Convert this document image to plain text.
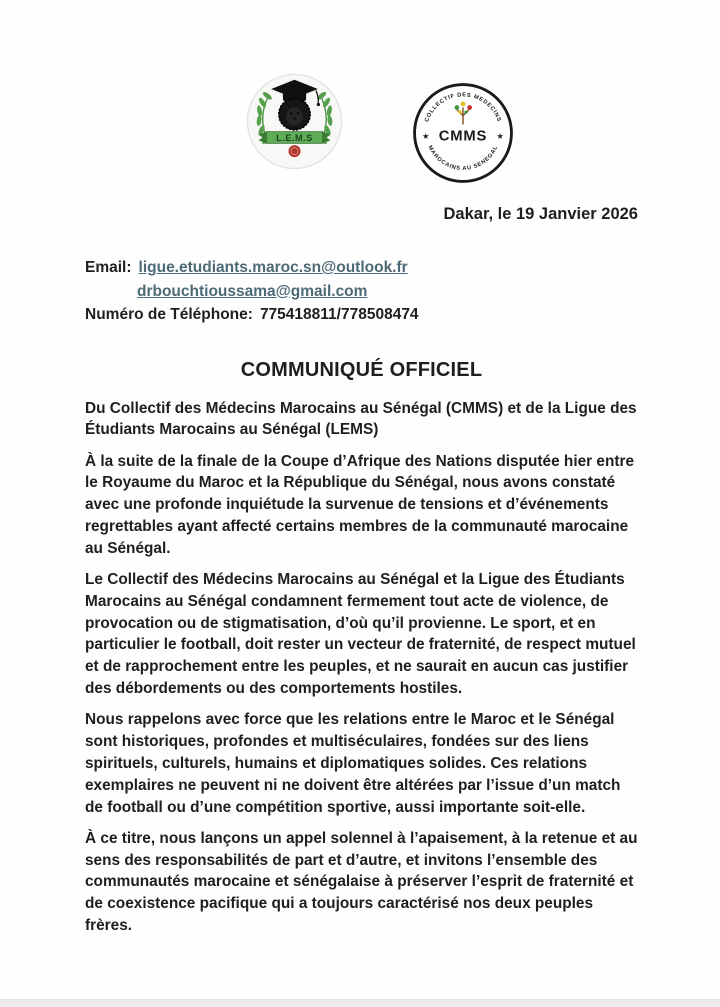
L.E.M.S
COLLECTIF DES MEDECINS
MAROCAINS AU SENEGAL
★	★
CMMS
Dakar, le 19 Janvier 2026
Email: ligue.etudiants.maroc.sn@outlook.fr
drbouchtioussama@gmail.com
Numéro de Téléphone: 775418811/778508474
COMMUNIQUÉ OFFICIEL

Du Collectif des Médecins Marocains au Sénégal (CMMS) et de la Ligue des Étudiants Marocains au Sénégal (LEMS)

À la suite de la finale de la Coupe d’Afrique des Nations disputée hier entre le Royaume du Maroc et la République du Sénégal, nous avons constaté avec une profonde inquiétude la survenue de tensions et d’événements regrettables ayant affecté certains membres de la communauté marocaine au Sénégal.

Le Collectif des Médecins Marocains au Sénégal et la Ligue des Étudiants Marocains au Sénégal condamnent fermement tout acte de violence, de provocation ou de stigmatisation, d’où qu’il provienne. Le sport, et en particulier le football, doit rester un vecteur de fraternité, de respect mutuel et de rapprochement entre les peuples, et ne saurait en aucun cas justifier des débordements ou des comportements hostiles.

Nous rappelons avec force que les relations entre le Maroc et le Sénégal sont historiques, profondes et multiséculaires, fondées sur des liens spirituels, culturels, humains et diplomatiques solides. Ces relations exemplaires ne peuvent ni ne doivent être altérées par l’issue d’un match de football ou d’une compétition sportive, aussi importante soit-elle.

À ce titre, nous lançons un appel solennel à l’apaisement, à la retenue et au sens des responsabilités de part et d’autre, et invitons l’ensemble des communautés marocaine et sénégalaise à préserver l’esprit de fraternité et de coexistence pacifique qui a toujours caractérisé nos deux peuples frères.
